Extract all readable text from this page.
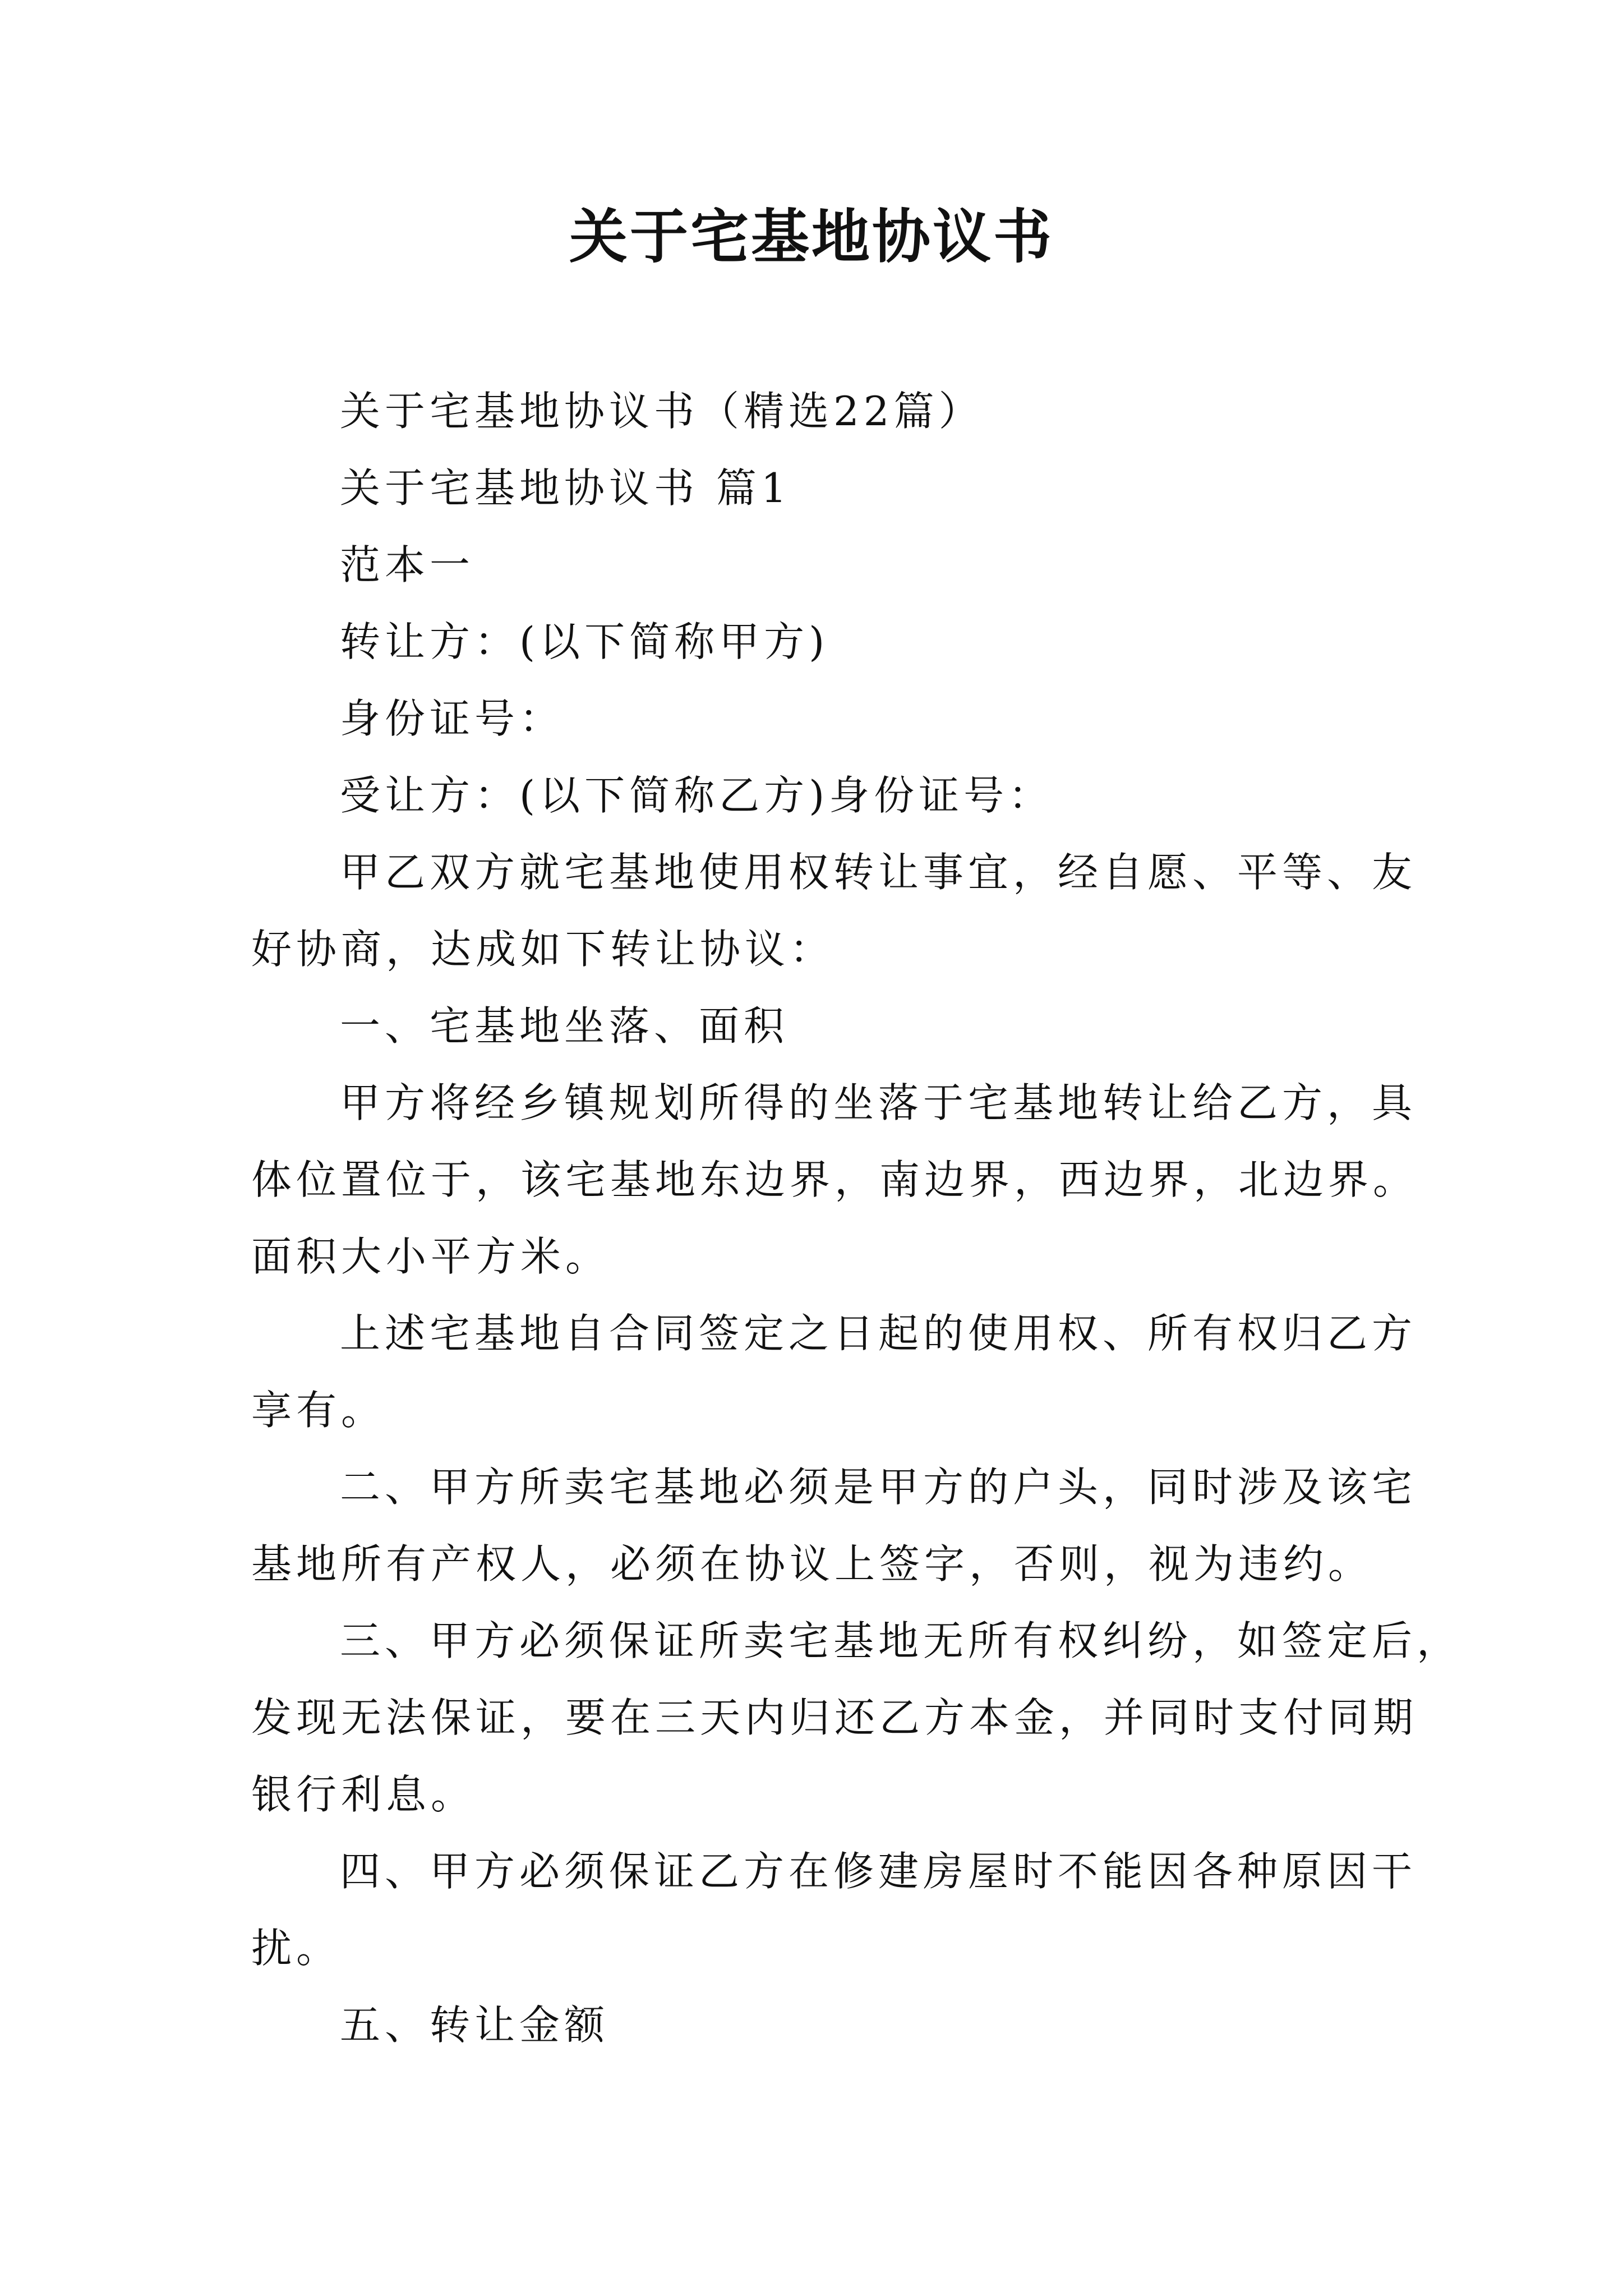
关于宅基地协议书
关于宅基地协议书（精选22篇）
关于宅基地协议书 篇1
范本一
转让方：(以下简称甲方)
身份证号：
受让方：(以下简称乙方)身份证号：
甲乙双方就宅基地使用权转让事宜，经自愿、平等、友
好协商，达成如下转让协议：
一、宅基地坐落、面积
甲方将经乡镇规划所得的坐落于宅基地转让给乙方，具
体位置位于，该宅基地东边界，南边界，西边界，北边界。
面积大小平方米。
上述宅基地自合同签定之日起的使用权、所有权归乙方
享有。
二、甲方所卖宅基地必须是甲方的户头，同时涉及该宅
基地所有产权人，必须在协议上签字，否则，视为违约。
三、甲方必须保证所卖宅基地无所有权纠纷，如签定后，
发现无法保证，要在三天内归还乙方本金，并同时支付同期
银行利息。
四、甲方必须保证乙方在修建房屋时不能因各种原因干
扰。
五、转让金额
